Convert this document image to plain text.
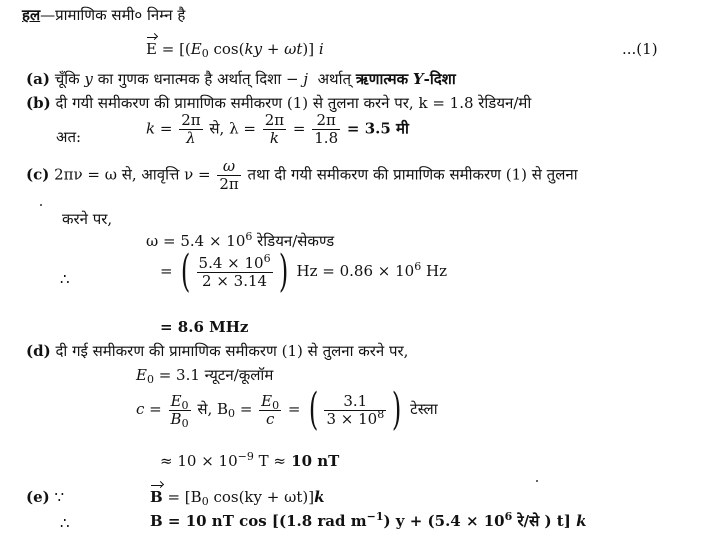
हल—प्रामाणिक समी० निम्न है
$E = [(E_0$ cos(ky + ωt)] i	...(1)
(a) चूँकि y का गुणक धनात्मक है अर्थात् दिशा − j अर्थात् ऋणात्मक Y-दिशा
(b) दी गयी समीकरण की प्रामाणिक समीकरण (1) से तुलना करने पर, k = 1.8 रेडियन/मी
अत:	$k = \frac{2\pi}{\lambda}$ से, $\lambda = \frac{2\pi}{k} = \frac{2\pi}{1.8} = 3.5$ मी
(c) 2πν = ω से, आवृत्ति $\nu = \frac{\omega}{2\pi}$ तथा दी गयी समीकरण की प्रामाणिक समीकरण (1) से तुलना
करने पर,
$\omega = 5.4 \times 10^6$ रेडियन/सेकण्ड
∴	= ( $\frac{5.4 \times 10^6}{2 \times 3.14}$ ) $Hz = 0.86 \times 10^6$ Hz
= 8.6 MHz
(d) दी गई समीकरण की प्रामाणिक समीकरण (1) से तुलना करने पर,
$E_0 = 3.1$ न्यूटन/कूलॉम
$c = \frac{E_0}{B_0}$ से, $B_0 = \frac{E_0}{c}$ = ( $\frac{3.1}{3 \times 10^8}$ ) टेस्ला
≈ $10 \times 10^{-9}$ T ≈ 10 nT
(e) ∵	$B = [B_0$ cos(ky + ωt)]k
∴	B = 10 nT cos [(1.8 rad $m^{-1}$) $y + (5.4 \times 10^6$ रे/से ) t] k
